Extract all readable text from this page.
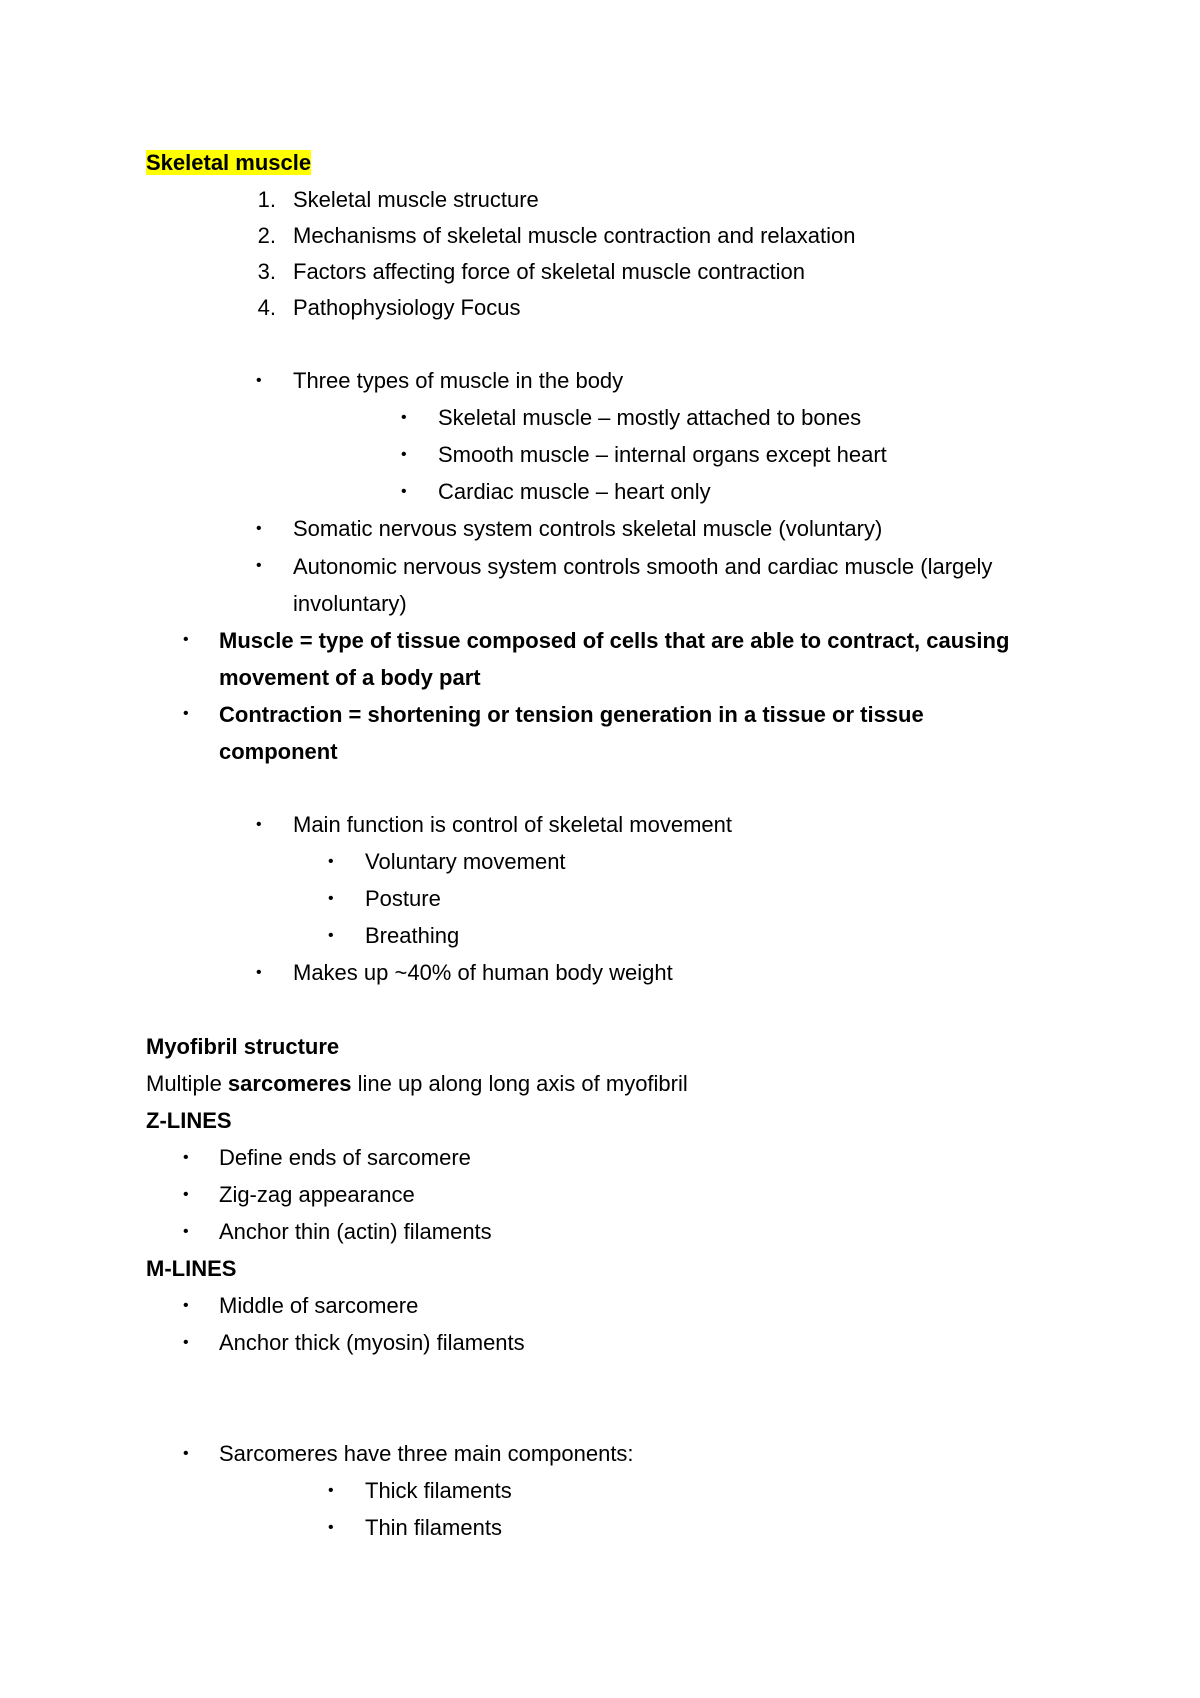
Skeletal muscle
1. Skeletal muscle structure
2. Mechanisms of skeletal muscle contraction and relaxation
3. Factors affecting force of skeletal muscle contraction
4. Pathophysiology Focus
• Three types of muscle in the body
• Skeletal muscle – mostly attached to bones
• Smooth muscle – internal organs except heart
• Cardiac muscle – heart only
• Somatic nervous system controls skeletal muscle (voluntary)
• Autonomic nervous system controls smooth and cardiac muscle (largely involuntary)
• Muscle = type of tissue composed of cells that are able to contract, causing movement of a body part
• Contraction = shortening or tension generation in a tissue or tissue component
• Main function is control of skeletal movement
• Voluntary movement
• Posture
• Breathing
• Makes up ~40% of human body weight
Myofibril structure
Multiple sarcomeres line up along long axis of myofibril
Z-LINES
• Define ends of sarcomere
• Zig-zag appearance
• Anchor thin (actin) filaments
M-LINES
• Middle of sarcomere
• Anchor thick (myosin) filaments
• Sarcomeres have three main components:
• Thick filaments
• Thin filaments
